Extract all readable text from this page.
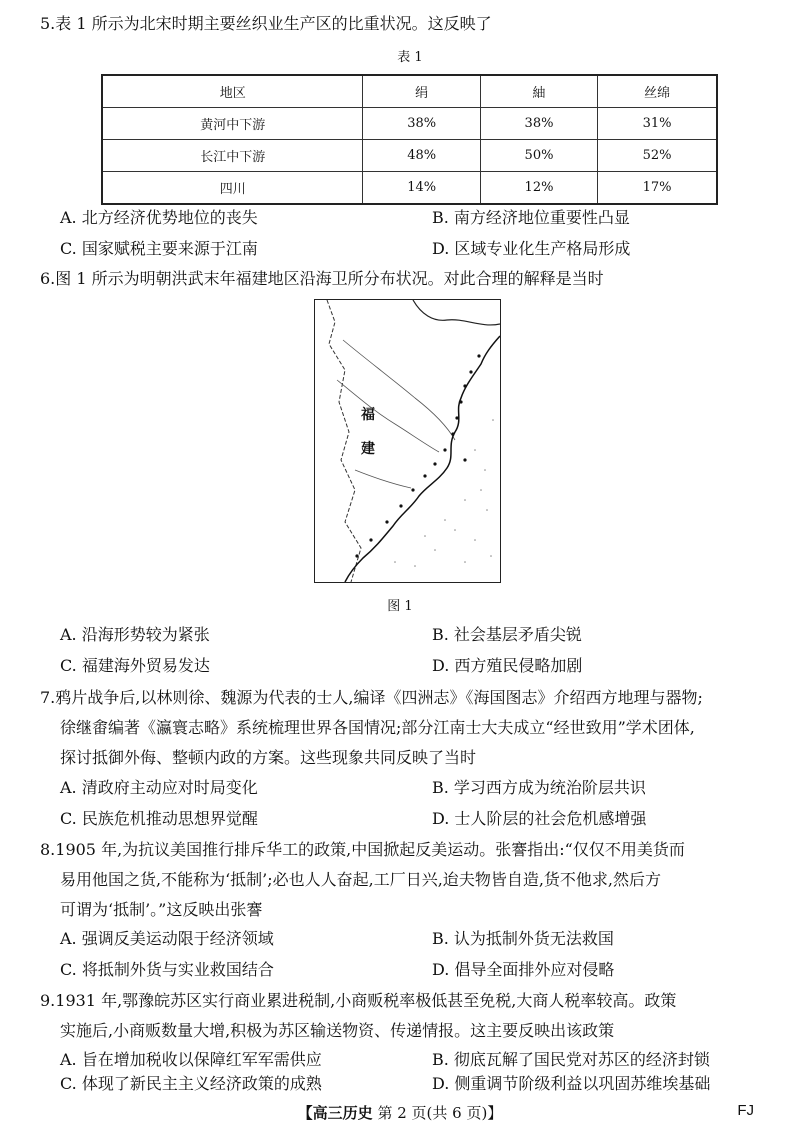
5.表 1 所示为北宋时期主要丝织业生产区的比重状况。这反映了
表 1
地区	绢	紬	丝绵
黄河中下游	38%	38%	31%
长江中下游	48%	50%	52%
四川	14%	12%	17%
A. 北方经济优势地位的丧失	B. 南方经济地位重要性凸显
C. 国家赋税主要来源于江南	D. 区域专业化生产格局形成
6.图 1 所示为明朝洪武末年福建地区沿海卫所分布状况。对此合理的解释是当时
福
建
图 1
A. 沿海形势较为紧张	B. 社会基层矛盾尖锐
C. 福建海外贸易发达	D. 西方殖民侵略加剧
7.鸦片战争后,以林则徐、魏源为代表的士人,编译《四洲志》《海国图志》介绍西方地理与器物;
徐继畬编著《瀛寰志略》系统梳理世界各国情况;部分江南士大夫成立“经世致用”学术团体,
探讨抵御外侮、整顿内政的方案。这些现象共同反映了当时
A. 清政府主动应对时局变化	B. 学习西方成为统治阶层共识
C. 民族危机推动思想界觉醒	D. 士人阶层的社会危机感增强
8.1905 年,为抗议美国推行排斥华工的政策,中国掀起反美运动。张謇指出:“仅仅不用美货而
易用他国之货,不能称为‘抵制’;必也人人奋起,工厂日兴,迨夫物皆自造,货不他求,然后方
可谓为‘抵制’。”这反映出张謇
A. 强调反美运动限于经济领域	B. 认为抵制外货无法救国
C. 将抵制外货与实业救国结合	D. 倡导全面排外应对侵略
9.1931 年,鄂豫皖苏区实行商业累进税制,小商贩税率极低甚至免税,大商人税率较高。政策
实施后,小商贩数量大增,积极为苏区输送物资、传递情报。这主要反映出该政策
A. 旨在增加税收以保障红军军需供应	B. 彻底瓦解了国民党对苏区的经济封锁
C. 体现了新民主主义经济政策的成熟	D. 侧重调节阶级利益以巩固苏维埃基础
【高三历史 第 2 页(共 6 页)】	FJ
